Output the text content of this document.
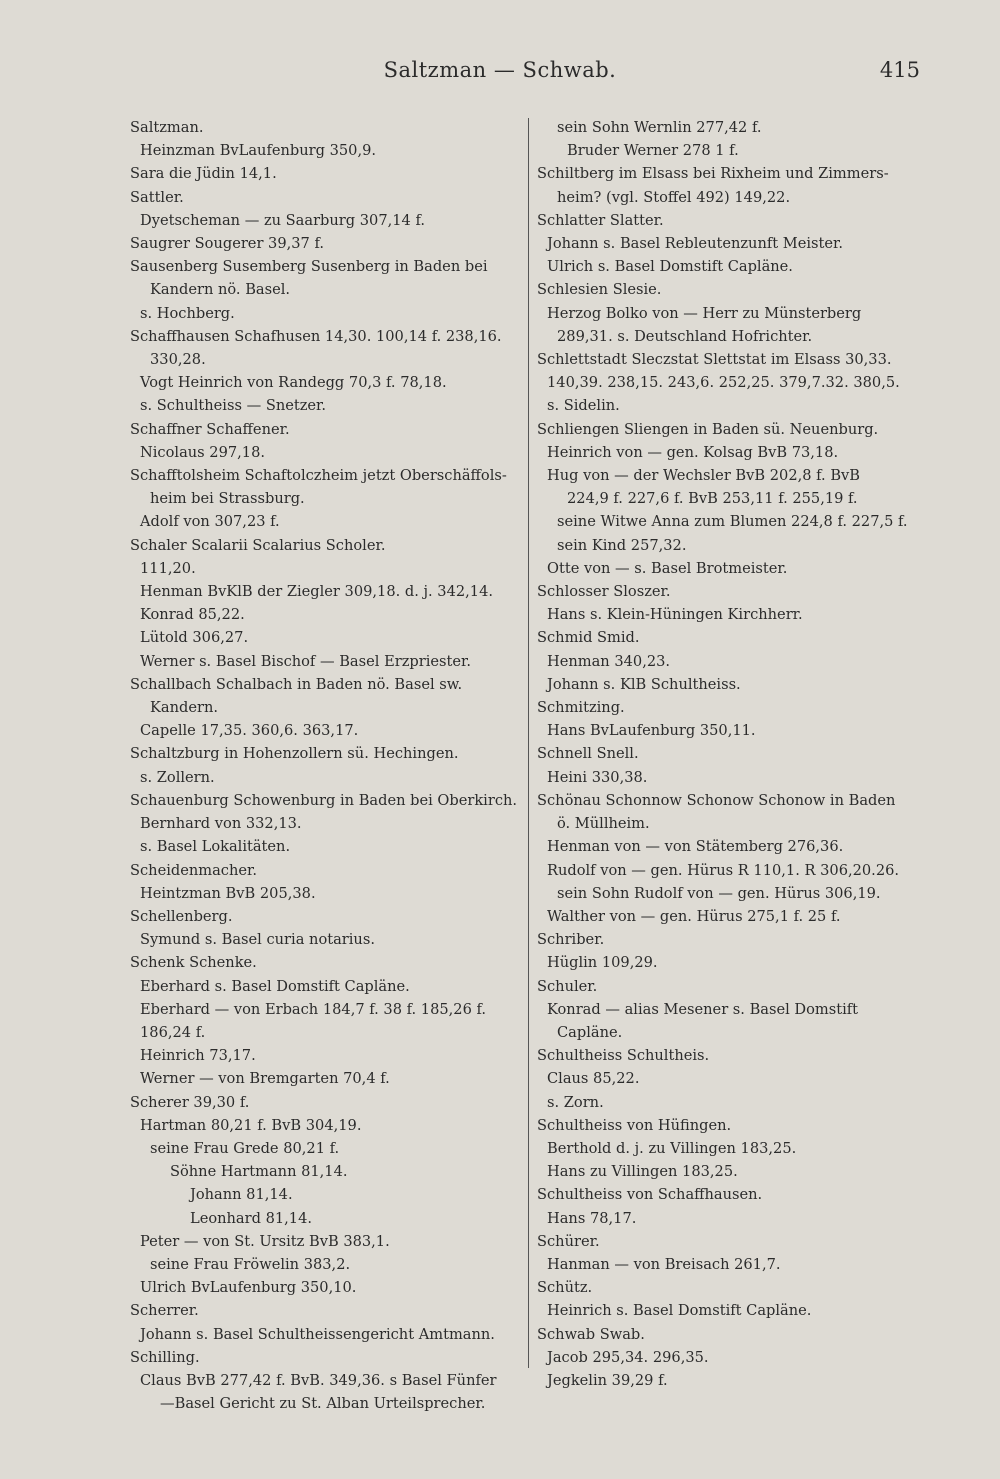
Saltzman — Schwab.	415
Saltzman.
Heinzman BvLaufenburg 350,9.
Sara die Jüdin 14,1.
Sattler.
Dyetscheman — zu Saarburg 307,14 f.
Saugrer Sougerer 39,37 f.
Sausenberg Susemberg Susenberg in Baden bei
Kandern nö. Basel.
s. Hochberg.
Schaffhausen Schafhusen 14,30. 100,14 f. 238,16.
330,28.
Vogt Heinrich von Randegg 70,3 f. 78,18.
s. Schultheiss — Snetzer.
Schaffner Schaffener.
Nicolaus 297,18.
Schafftolsheim Schaftolczheim jetzt Oberschäffols-
heim bei Strassburg.
Adolf von 307,23 f.
Schaler Scalarii Scalarius Scholer.
111,20.
Henman BvKlB der Ziegler 309,18. d. j. 342,14.
Konrad 85,22.
Lütold 306,27.
Werner s. Basel Bischof — Basel Erzpriester.
Schallbach Schalbach in Baden nö. Basel sw.
Kandern.
Capelle 17,35. 360,6. 363,17.
Schaltzburg in Hohenzollern sü. Hechingen.
s. Zollern.
Schauenburg Schowenburg in Baden bei Oberkirch.
Bernhard von 332,13.
s. Basel Lokalitäten.
Scheidenmacher.
Heintzman BvB 205,38.
Schellenberg.
Symund s. Basel curia notarius.
Schenk Schenke.
Eberhard s. Basel Domstift Capläne.
Eberhard — von Erbach 184,7 f. 38 f. 185,26 f.
186,24 f.
Heinrich 73,17.
Werner — von Bremgarten 70,4 f.
Scherer 39,30 f.
Hartman 80,21 f. BvB 304,19.
seine Frau Grede 80,21 f.
Söhne Hartmann 81,14.
Johann 81,14.
Leonhard 81,14.
Peter — von St. Ursitz BvB 383,1.
seine Frau Fröwelin 383,2.
Ulrich BvLaufenburg 350,10.
Scherrer.
Johann s. Basel Schultheissengericht Amtmann.
Schilling.
Claus BvB 277,42 f. BvB. 349,36. s Basel Fünfer
—Basel Gericht zu St. Alban Urteilsprecher.
sein Sohn Wernlin 277,42 f.
Bruder Werner 278 1 f.
Schiltberg im Elsass bei Rixheim und Zimmers-
heim? (vgl. Stoffel 492) 149,22.
Schlatter Slatter.
Johann s. Basel Rebleutenzunft Meister.
Ulrich s. Basel Domstift Capläne.
Schlesien Slesie.
Herzog Bolko von — Herr zu Münsterberg
289,31. s. Deutschland Hofrichter.
Schlettstadt Sleczstat Slettstat im Elsass 30,33.
140,39. 238,15. 243,6. 252,25. 379,7.32. 380,5.
s. Sidelin.
Schliengen Sliengen in Baden sü. Neuenburg.
Heinrich von — gen. Kolsag BvB 73,18.
Hug von — der Wechsler BvB 202,8 f. BvB
224,9 f. 227,6 f. BvB 253,11 f. 255,19 f.
seine Witwe Anna zum Blumen 224,8 f. 227,5 f.
sein Kind 257,32.
Otte von — s. Basel Brotmeister.
Schlosser Sloszer.
Hans s. Klein-Hüningen Kirchherr.
Schmid Smid.
Henman 340,23.
Johann s. KlB Schultheiss.
Schmitzing.
Hans BvLaufenburg 350,11.
Schnell Snell.
Heini 330,38.
Schönau Schonnow Schonow Schonow in Baden
ö. Müllheim.
Henman von — von Stätemberg 276,36.
Rudolf von — gen. Hürus R 110,1. R 306,20.26.
sein Sohn Rudolf von — gen. Hürus 306,19.
Walther von — gen. Hürus 275,1 f. 25 f.
Schriber.
Hüglin 109,29.
Schuler.
Konrad — alias Mesener s. Basel Domstift
Capläne.
Schultheiss Schultheis.
Claus 85,22.
s. Zorn.
Schultheiss von Hüfingen.
Berthold d. j. zu Villingen 183,25.
Hans zu Villingen 183,25.
Schultheiss von Schaffhausen.
Hans 78,17.
Schürer.
Hanman — von Breisach 261,7.
Schütz.
Heinrich s. Basel Domstift Capläne.
Schwab Swab.
Jacob 295,34. 296,35.
Jegkelin 39,29 f.
